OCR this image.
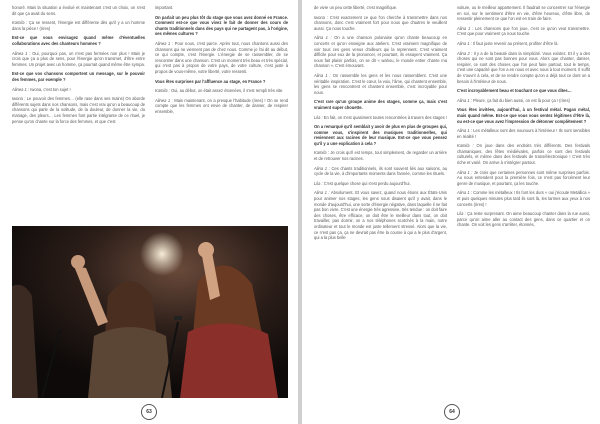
honoré. Mais la situation a évolué et maintenant c'est un choix, on s'est dit que ça avait du sens.

Kamila : Ça se ressent, l'énergie est différente dès qu'il y a un homme dans la pièce ! (rires)

Est-ce que vous envisagez quand même d'éventuelles collaborations avec des chanteurs hommes ?

Alinea 1 : Oui, pourquoi pas, on n'est pas fermées non plus ! Mais je crois que ça a plus de sens, pour l'énergie qu'on transmet, d'être entre femmes. Un projet avec un homme, ça pourrait quand même être sympa.

Est-ce que vos chansons comportent un message, sur le pouvoir des femmes, par exemple ?

Alinea 1 : Iwona, c'est ton sujet !

Iwona : Le pouvoir des femmes… (elle rase dans ses mains) On aborde différents sujets dans nos chansons, mais c'est vrai qu'on a beaucoup de chansons qui parle de la solitude, de la douleur, de donner la vie, du mariage, des pleurs… Les femmes font partie intégrante de ce rituel, je pense qu'on chante sur la force des femmes, et que c'est

important.

On parlait un peu plus tôt du stage que vous avez donné en France. Comment est-ce que vous vivez le fait de donner des cours de chants traditionnels dans des pays qui ne partagent pas, à l'origine, ses mêmes cultures ?

Alinea 1 : Pour nous, c'est parce. Après tout, nous chantons aussi des chansons qui ne viennent pas de chez nous. Comme je l'ai dit au début, ce qui compte, c'est l'énergie. L'énergie de se rassembler, de se rencontrer dans une chanson. C'est un moment très beau et très spécial, qui n'est pas à propos de votre pays, de votre culture, c'est juste à propos de vous-même, votre liberté, votre ressenti.

Vous êtes surprises par l'affluence au stage, en France ?

Kamila : Oui, au début, on était assez étonnées, il s'est rempli très vite.

Alinea 1 : Mais maintenant, on a presque l'habitude (rires) ! On se rend compte que les femmes ont envie de chanter, de danser, de respirer ensemble,

63

de vivre un peu cette liberté, c'est magnifique.

Iwona : C'est exactement ce que l'on cherche à transmettre dans nos chansons, donc c'est vraiment fort pour nous que d'autres le veuillent aussi. Ça nous touche.

Alina 1 : On a une chanson polonaise qu'on chante beaucoup en concerts et qu'on enseigne aux ateliers. C'est vraiment magnifique de voir tous ces gens venus d'ailleurs qui la reprennent. C'est vraiment difficile pour eux de la prononcer, et pourtant, ils essayent vraiment. Ça nous fait plaisir parfois, on se dit « wahou, le monde entier chante ma chanson ». C'est émouvant.

Alina 1 : On rassemble les gens et les nous rassemblent. C'est une véritable inspiration. C'est le cœur, la voix, l'âme, qui chantent ensemble, les gens se rencontrent et chantent ensemble, c'est incroyable pour nous.

C'est rare qu'un groupe anime des stages, comme ça, mais c'est vraiment super chouette.

Lila : En fait, on s'est quasiment toutes rencontrées à travers des stages !

On a remarqué qu'il semblait y avoir de plus en plus de groupes qui, comme vous, s'inspirent des musiques traditionnelles, qui reviennent aux racines de leur musique. Est-ce que vous pensez qu'il y a une explication à cela ?

Kamila : Je crois qu'il est temps, tout simplement, de regarder un arrière et de retrouver nos racines.

Alina 1 : Ces chants traditionnels, ils sont souvent liés aux saisons, au cycle de la vie, à d'importants moments dans l'année, comme les rituels.

Lila : C'est quelque chose qui s'est perdu aujourd'hui.

Alina 1 : Absolument. Et vous savez, quand nous étions aux États-Unis pour animer nos stages, les gens nous disaient qu'il y avait, dans le monde d'aujourd'hui, une sorte d'énergie négative, dans laquelle il ne fait pas bon vivre. C'est une énergie très agressive, très tendue : on doit faire des choses, être efficace, on doit être le meilleur dans tout, on doit travailler, pas dormir, on a nos téléphones scotchés à la main, notre ordinateur et tout le monde est juste tellement stressé. Alors que la vie, ce n'est pas ça, ça ne devrait pas être la course à qui a le plus d'argent, qui a la plus belle

voiture, ou le meilleur appartement. Il faudrait se concentrer sur l'énergie en soi, sur le sentiment d'être en vie, d'être heureux, d'être libre, de ressentir pleinement ce que l'on est en train de faire.

Alina 1 : Les chansons que l'on joue, c'est ce qu'on veut transmettre. C'est que pour vraiment ça nous touche.

Alina 1 : Il faut juste revenir au présent, profiter d'être là.

Alina 2 : Il y a de la beauté dans la simplicité. Vous existez. Et il y a des choses qui ne sont pas bonnes pour vous. Alors que chanter, danser, respirer, ce sont des choses que l'on peut faire partout, tout le temps, c'est une capacité que l'on a en nous et avec nous à tout moment. Il suffit de s'ouvrir à cela, et de se rendre compte qu'on a déjà tout ce dont on a besoin à l'intérieur de nous.

C'est incroyablement beau et touchant ce que vous dites…

Alina 1 : Pleure, ça fait du bien aussi, on est là pour ça ! (rires)

Vous êtes invitées, aujourd'hui, à un festival métal. Pagan métal, mais quand même. Est-ce que vous vous sentez légitimes d'être là, ou est-ce que vous avez l'impression de détonner complètement ?

Alina 1 : Les métalleux sont des nounours à l'intérieur ! Ils sont sensibles en réalité !

Kamila : On joue dans des endroits très différents. Des festivals chamaniques, des fêtes médiévales, parfois ce sont des festivals culturels, et même dans des festivals de trans/électronique ! C'est très riche et varié. On arrive à s'intégrer partout.

Alina 1 : Je crois que certaines personnes sont même surprises parfois. Au nous entendent pour la première fois, ce n'est pas forcément leur genre de musique, et pourtant, ça les touche.

Alina 1 : Comme les métalleux ! Ils font les durs « oui j'écoute Metallica » et puis quelques minutes plus tard ils sont là, les larmes aux yeux à nos concerts (rires) !

Lila : Ça reste surprenant. On aime beaucoup chanter dans la rue aussi, parce qu'on aime aller au contact des gens, dans ce quartier et on chante. On voit les gens s'arrêter, étonnés,

64
